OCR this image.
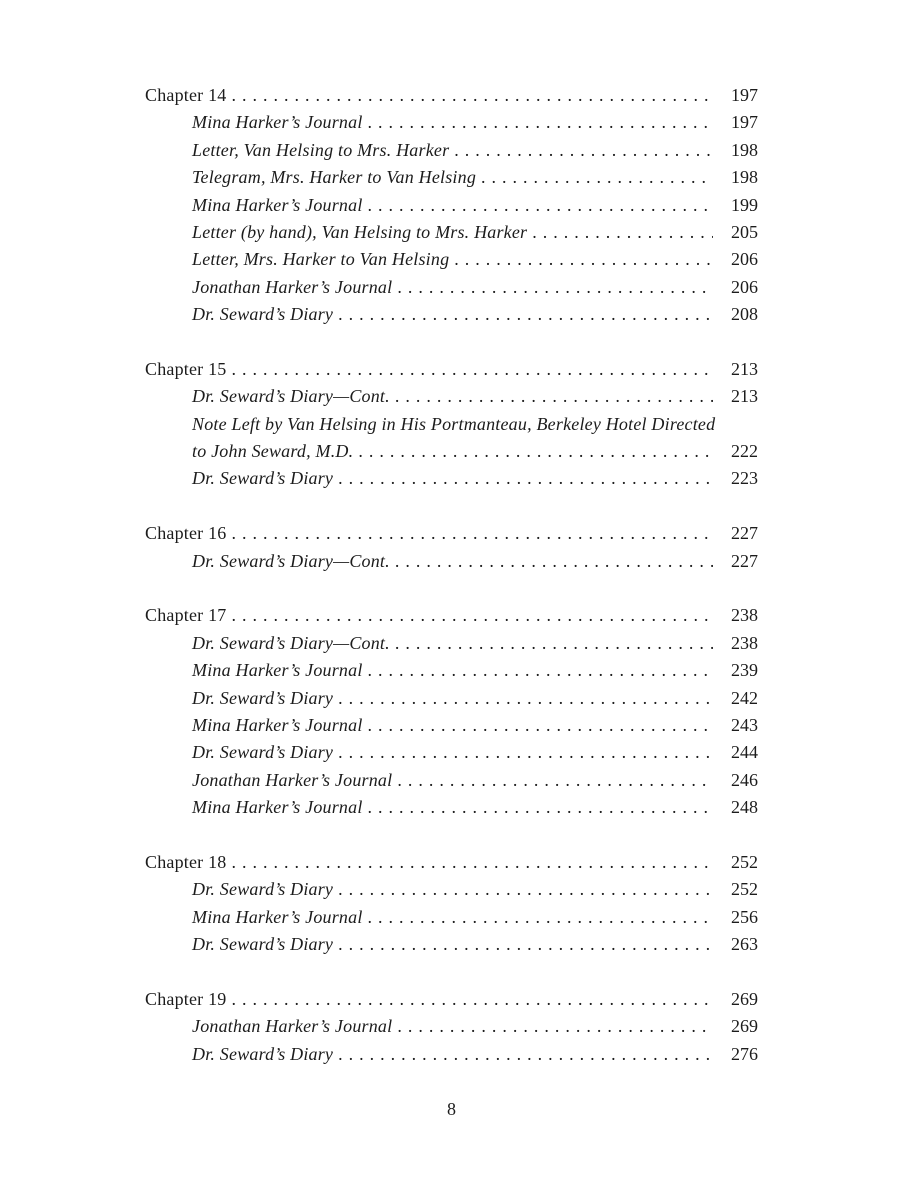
Chapter 14 .....	197
Mina Harker’s Journal .....	197
Letter, Van Helsing to Mrs. Harker .....	198
Telegram, Mrs. Harker to Van Helsing .....	198
Mina Harker’s Journal .....	199
Letter (by hand), Van Helsing to Mrs. Harker .....	205
Letter, Mrs. Harker to Van Helsing .....	206
Jonathan Harker’s Journal .....	206
Dr. Seward’s Diary .....	208
Chapter 15 .....	213
Dr. Seward’s Diary—Cont. .....	213
Note Left by Van Helsing in His Portmanteau, Berkeley Hotel Directed
to John Seward, M.D. .....	222
Dr. Seward’s Diary .....	223
Chapter 16 .....	227
Dr. Seward’s Diary—Cont. .....	227
Chapter 17 .....	238
Dr. Seward’s Diary—Cont. .....	238
Mina Harker’s Journal .....	239
Dr. Seward’s Diary .....	242
Mina Harker’s Journal .....	243
Dr. Seward’s Diary .....	244
Jonathan Harker’s Journal .....	246
Mina Harker’s Journal .....	248
Chapter 18 .....	252
Dr. Seward’s Diary .....	252
Mina Harker’s Journal .....	256
Dr. Seward’s Diary .....	263
Chapter 19 .....	269
Jonathan Harker’s Journal .....	269
Dr. Seward’s Diary .....	276
8
